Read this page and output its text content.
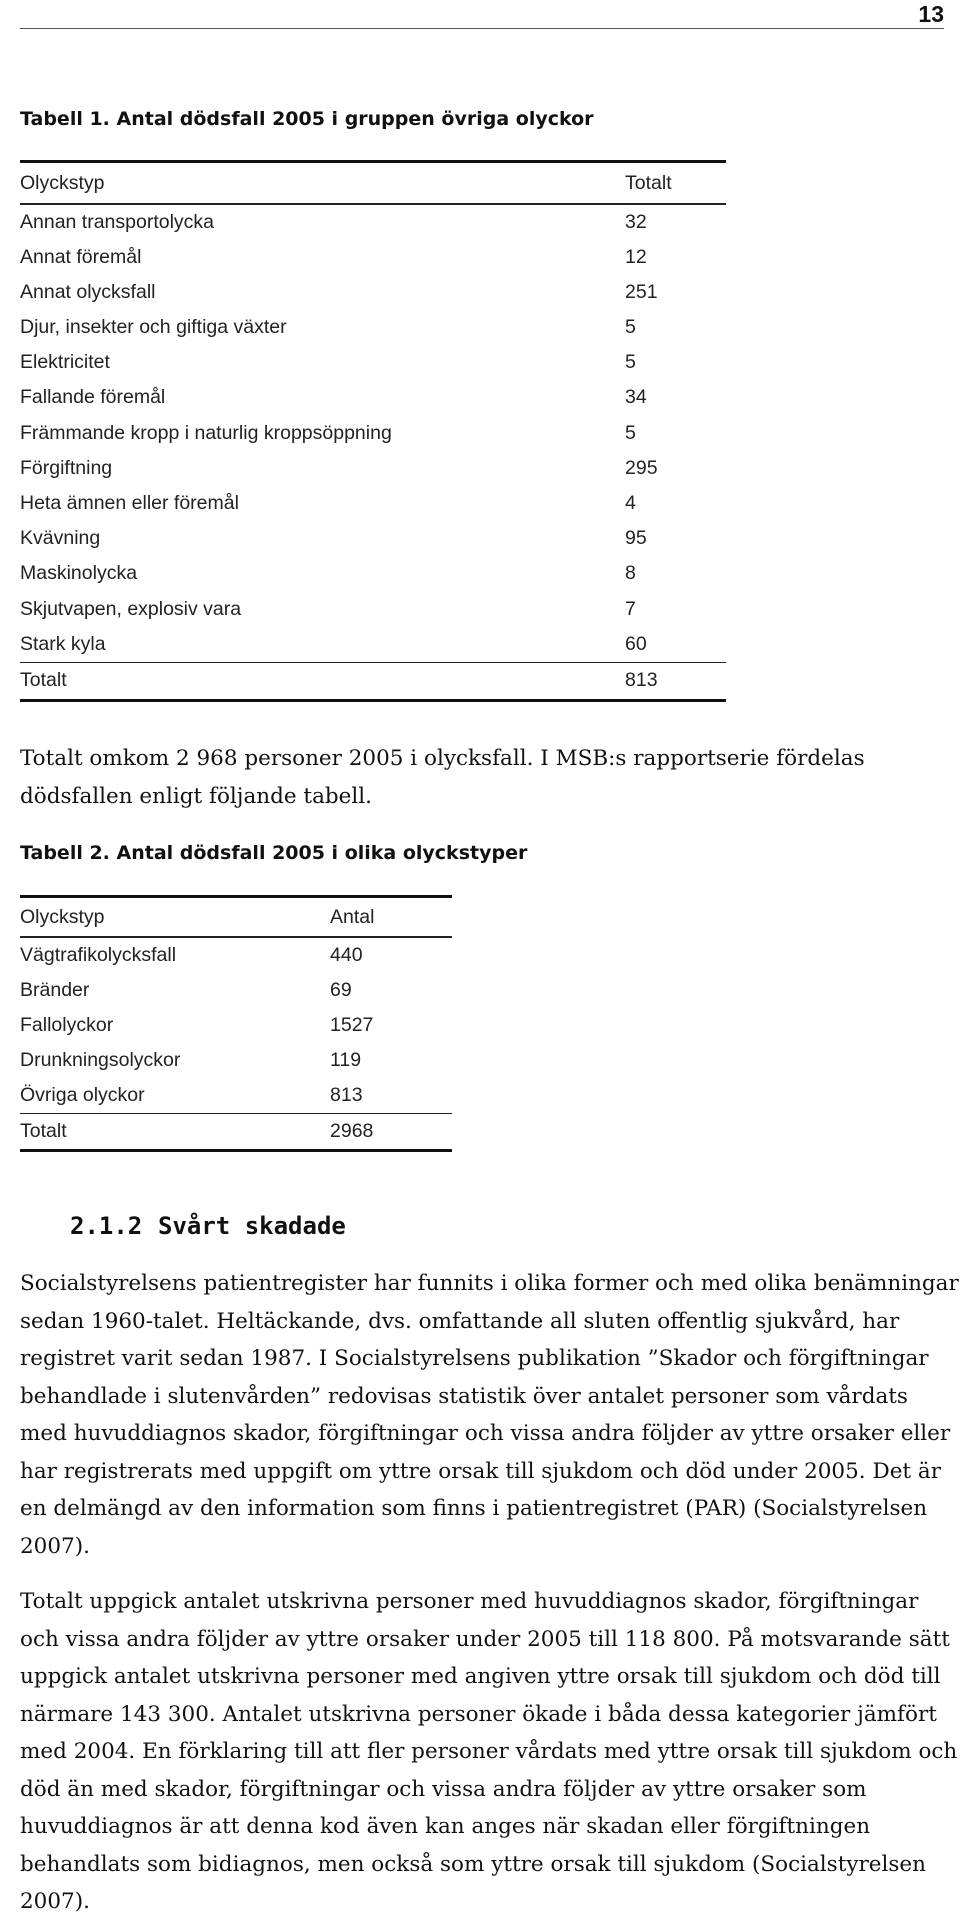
13
Tabell 1. Antal dödsfall 2005 i gruppen övriga olyckor
Olyckstyp	Totalt
Annan transportolycka	32
Annat föremål	12
Annat olycksfall	251
Djur, insekter och giftiga växter	5
Elektricitet	5
Fallande föremål	34
Främmande kropp i naturlig kroppsöppning	5
Förgiftning	295
Heta ämnen eller föremål	4
Kvävning	95
Maskinolycka	8
Skjutvapen, explosiv vara	7
Stark kyla	60
Totalt	813
Totalt omkom 2 968 personer 2005 i olycksfall. I MSB:s rapportserie fördelas dödsfallen enligt följande tabell.
Tabell 2. Antal dödsfall 2005 i olika olyckstyper
Olyckstyp	Antal
Vägtrafikolycksfall	440
Bränder	69
Fallolyckor	1527
Drunkningsolyckor	119
Övriga olyckor	813
Totalt	2968
2.1.2 Svårt skadade
Socialstyrelsens patientregister har funnits i olika former och med olika benämningar sedan 1960-talet. Heltäckande, dvs. omfattande all sluten offentlig sjukvård, har registret varit sedan 1987. I Socialstyrelsens publikation ”Skador och förgiftningar behandlade i slutenvården” redovisas statistik över antalet personer som vårdats med huvuddiagnos skador, förgiftningar och vissa andra följder av yttre orsaker eller har registrerats med uppgift om yttre orsak till sjukdom och död under 2005. Det är en delmängd av den information som finns i patientregistret (PAR) (Socialstyrelsen 2007).
Totalt uppgick antalet utskrivna personer med huvuddiagnos skador, förgiftningar och vissa andra följder av yttre orsaker under 2005 till 118 800. På motsvarande sätt uppgick antalet utskrivna personer med angiven yttre orsak till sjukdom och död till närmare 143 300. Antalet utskrivna personer ökade i båda dessa kategorier jämfört med 2004. En förklaring till att fler personer vårdats med yttre orsak till sjukdom och död än med skador, förgiftningar och vissa andra följder av yttre orsaker som huvuddiagnos är att denna kod även kan anges när skadan eller förgiftningen behandlats som bidiagnos, men också som yttre orsak till sjukdom (Socialstyrelsen 2007).
